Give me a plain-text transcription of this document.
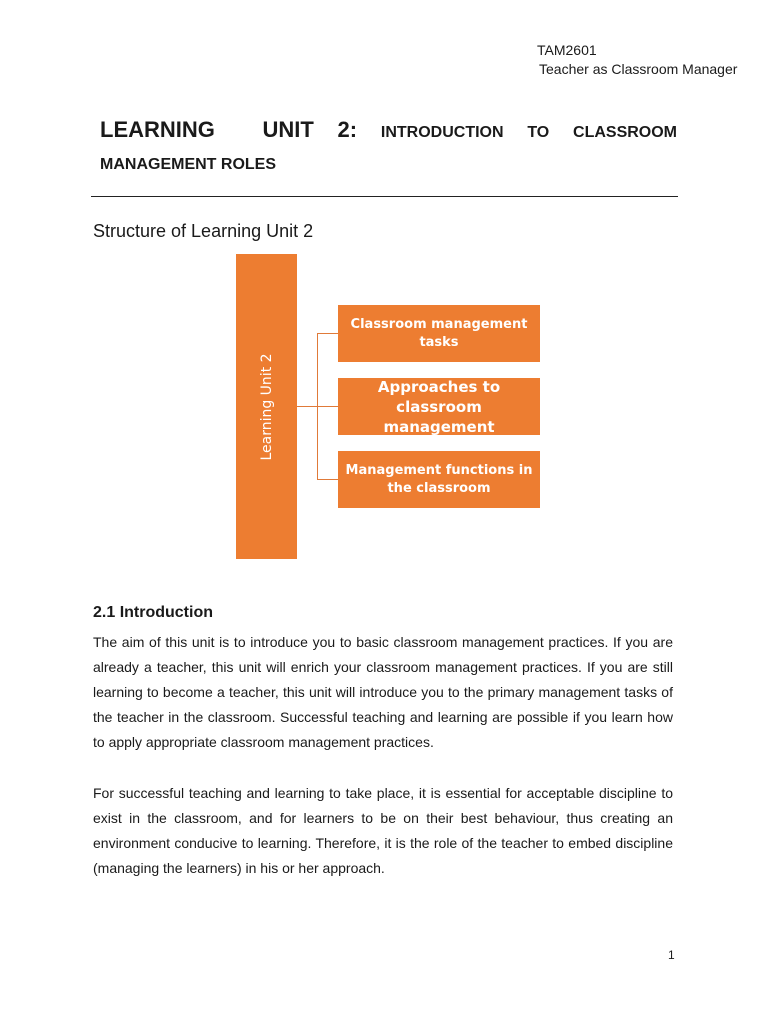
TAM2601
Teacher as Classroom Manager
LEARNING UNIT 2: INTRODUCTION TO CLASSROOM MANAGEMENT ROLES
Structure of Learning Unit 2
Learning Unit 2
Classroom management tasks
Approaches to classroom management
Management functions in the classroom
2.1 Introduction

The aim of this unit is to introduce you to basic classroom management practices. If you are already a teacher, this unit will enrich your classroom management practices. If you are still learning to become a teacher, this unit will introduce you to the primary management tasks of the teacher in the classroom. Successful teaching and learning are possible if you learn how to apply appropriate classroom management practices.

For successful teaching and learning to take place, it is essential for acceptable discipline to exist in the classroom, and for learners to be on their best behaviour, thus creating an environment conducive to learning. Therefore, it is the role of the teacher to embed discipline (managing the learners) in his or her approach.

1
